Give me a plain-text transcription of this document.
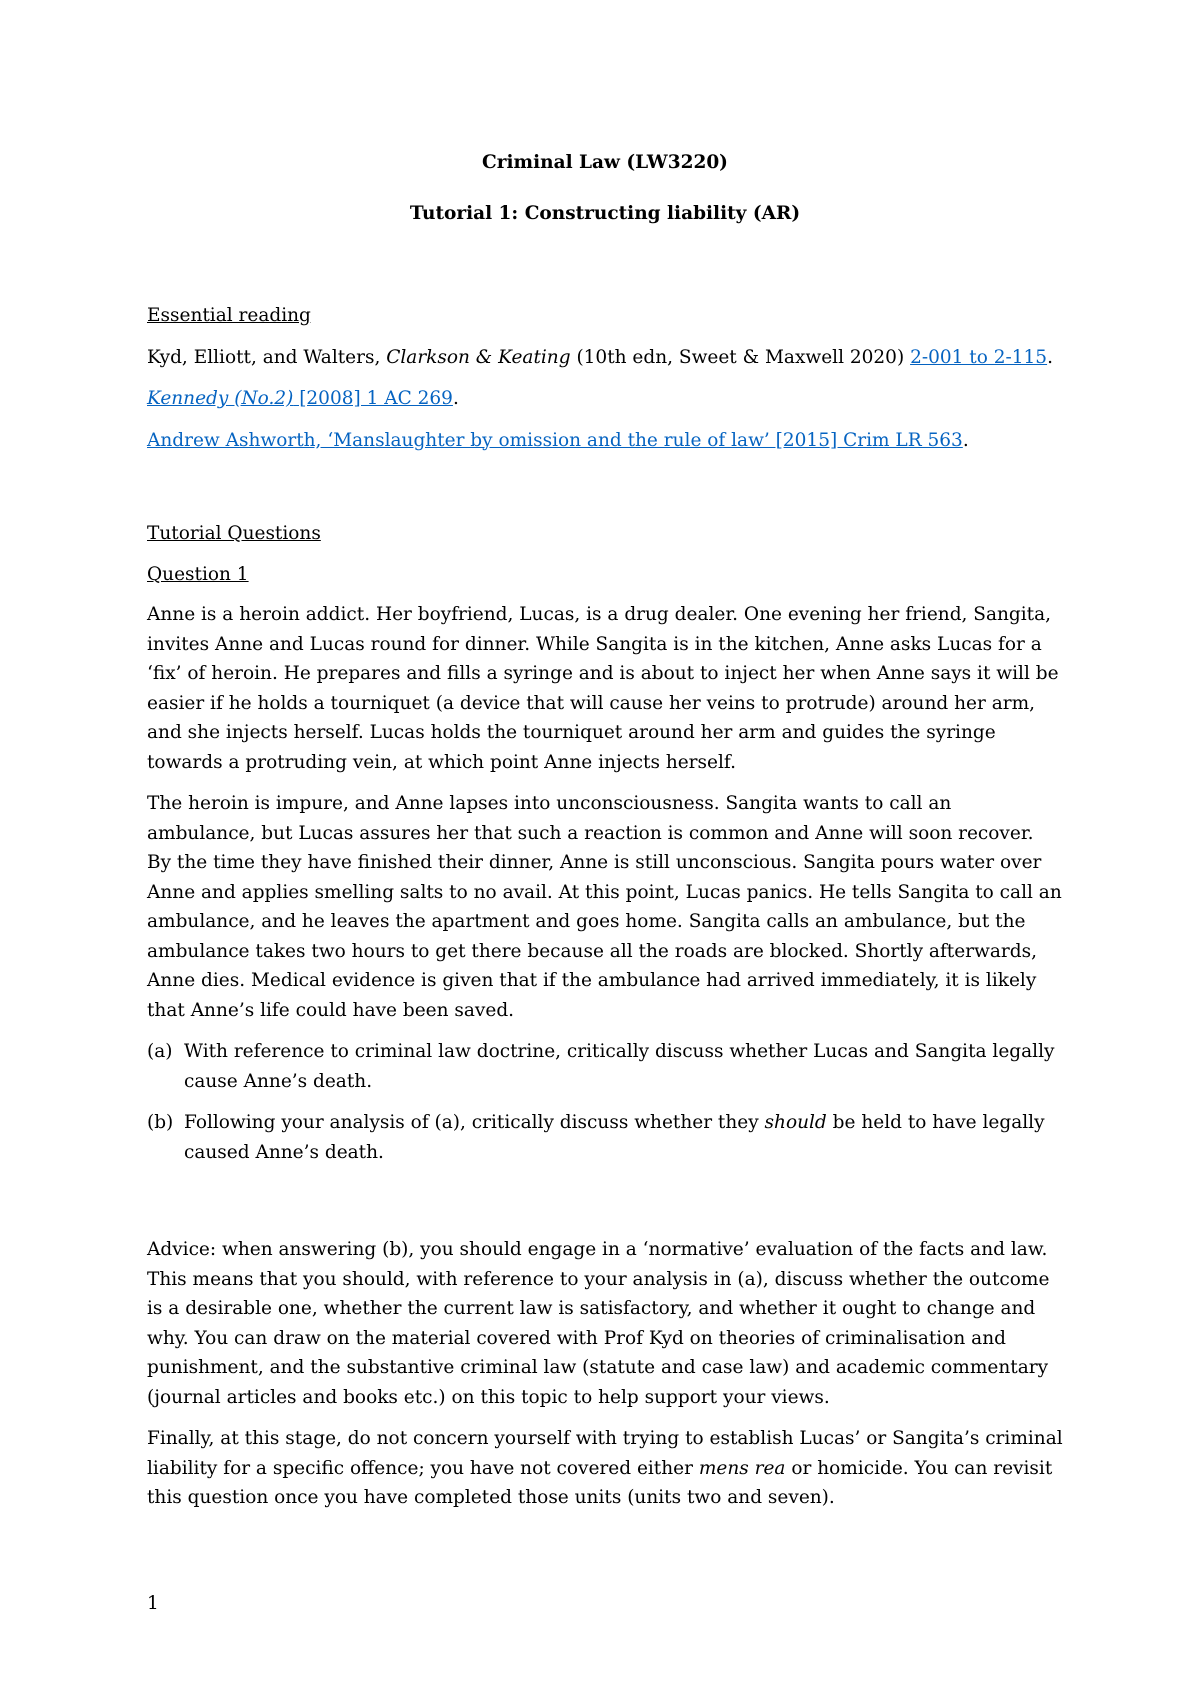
Criminal Law (LW3220)

Tutorial 1: Constructing liability (AR)

Essential reading

Kyd, Elliott, and Walters, Clarkson & Keating (10th edn, Sweet & Maxwell 2020) 2-001 to 2-115.

Kennedy (No.2) [2008] 1 AC 269.

Andrew Ashworth, ‘Manslaughter by omission and the rule of law’ [2015] Crim LR 563.

Tutorial Questions

Question 1

Anne is a heroin addict. Her boyfriend, Lucas, is a drug dealer. One evening her friend, Sangita, invites Anne and Lucas round for dinner. While Sangita is in the kitchen, Anne asks Lucas for a ‘fix’ of heroin. He prepares and fills a syringe and is about to inject her when Anne says it will be easier if he holds a tourniquet (a device that will cause her veins to protrude) around her arm, and she injects herself. Lucas holds the tourniquet around her arm and guides the syringe towards a protruding vein, at which point Anne injects herself.

The heroin is impure, and Anne lapses into unconsciousness. Sangita wants to call an ambulance, but Lucas assures her that such a reaction is common and Anne will soon recover. By the time they have finished their dinner, Anne is still unconscious. Sangita pours water over Anne and applies smelling salts to no avail. At this point, Lucas panics. He tells Sangita to call an ambulance, and he leaves the apartment and goes home. Sangita calls an ambulance, but the ambulance takes two hours to get there because all the roads are blocked. Shortly afterwards, Anne dies. Medical evidence is given that if the ambulance had arrived immediately, it is likely that Anne’s life could have been saved.

(a) With reference to criminal law doctrine, critically discuss whether Lucas and Sangita legally cause Anne’s death.
(b) Following your analysis of (a), critically discuss whether they should be held to have legally caused Anne’s death.

Advice: when answering (b), you should engage in a ‘normative’ evaluation of the facts and law. This means that you should, with reference to your analysis in (a), discuss whether the outcome is a desirable one, whether the current law is satisfactory, and whether it ought to change and why. You can draw on the material covered with Prof Kyd on theories of criminalisation and punishment, and the substantive criminal law (statute and case law) and academic commentary (journal articles and books etc.) on this topic to help support your views.

Finally, at this stage, do not concern yourself with trying to establish Lucas’ or Sangita’s criminal liability for a specific offence; you have not covered either mens rea or homicide. You can revisit this question once you have completed those units (units two and seven).

1
